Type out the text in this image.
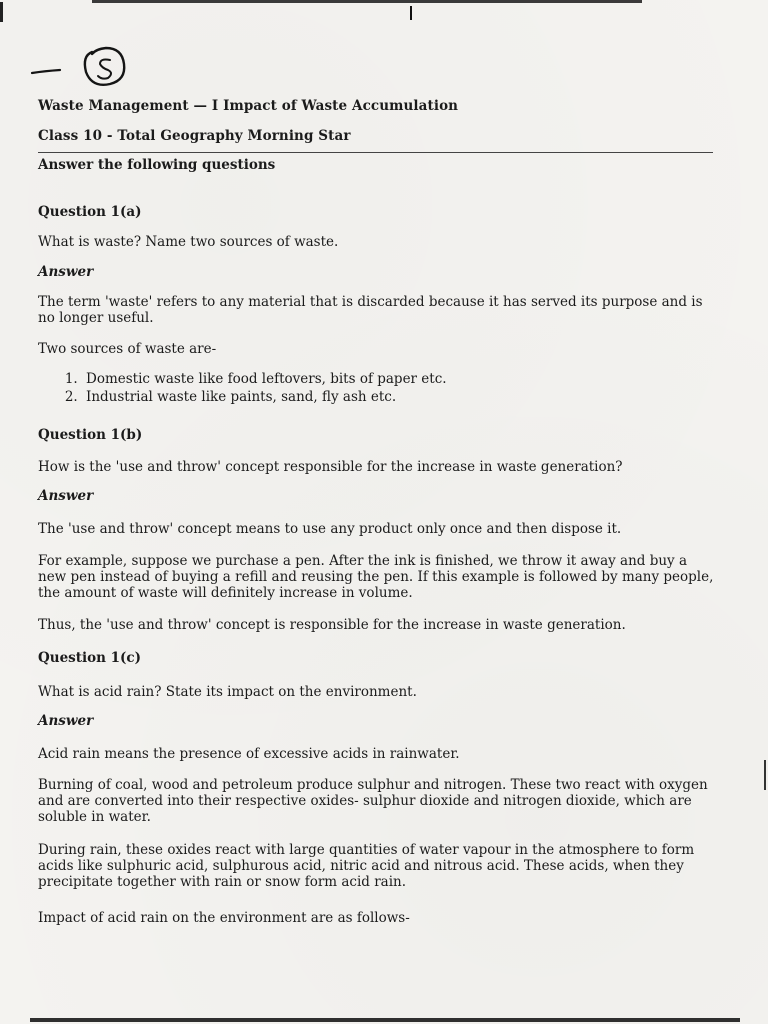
Waste Management — I Impact of Waste Accumulation

Class 10 - Total Geography Morning Star

Answer the following questions

Question 1(a)

What is waste? Name two sources of waste.

Answer

The term 'waste' refers to any material that is discarded because it has served its purpose and is no longer useful.

Two sources of waste are-

1. Domestic waste like food leftovers, bits of paper etc.
2. Industrial waste like paints, sand, fly ash etc.

Question 1(b)

How is the 'use and throw' concept responsible for the increase in waste generation?

Answer

The 'use and throw' concept means to use any product only once and then dispose it.

For example, suppose we purchase a pen. After the ink is finished, we throw it away and buy a new pen instead of buying a refill and reusing the pen. If this example is followed by many people, the amount of waste will definitely increase in volume.

Thus, the 'use and throw' concept is responsible for the increase in waste generation.

Question 1(c)

What is acid rain? State its impact on the environment.

Answer

Acid rain means the presence of excessive acids in rainwater.

Burning of coal, wood and petroleum produce sulphur and nitrogen. These two react with oxygen and are converted into their respective oxides- sulphur dioxide and nitrogen dioxide, which are soluble in water.

During rain, these oxides react with large quantities of water vapour in the atmosphere to form acids like sulphuric acid, sulphurous acid, nitric acid and nitrous acid. These acids, when they precipitate together with rain or snow form acid rain.

Impact of acid rain on the environment are as follows-
